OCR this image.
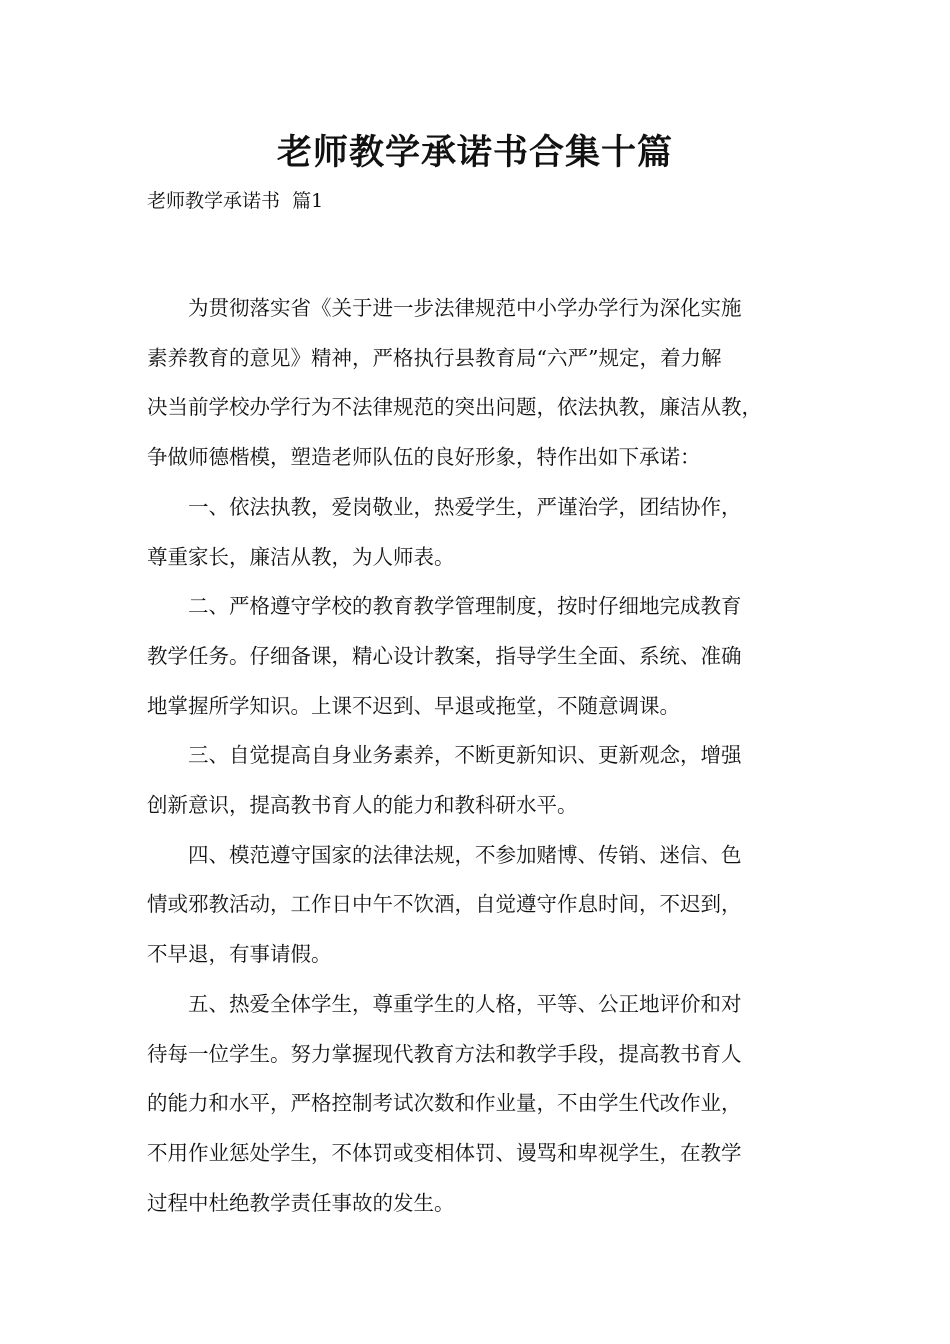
老师教学承诺书合集十篇

老师教学承诺书  篇1

为贯彻落实省《关于进一步法律规范中小学办学行为深化实施
素养教育的意见》精神，严格执行县教育局“六严”规定，着力解
决当前学校办学行为不法律规范的突出问题，依法执教，廉洁从教，
争做师德楷模，塑造老师队伍的良好形象，特作出如下承诺：

一、依法执教，爱岗敬业，热爱学生，严谨治学，团结协作，
尊重家长，廉洁从教，为人师表。

二、严格遵守学校的教育教学管理制度，按时仔细地完成教育
教学任务。仔细备课，精心设计教案，指导学生全面、系统、准确
地掌握所学知识。上课不迟到、早退或拖堂，不随意调课。

三、自觉提高自身业务素养，不断更新知识、更新观念，增强
创新意识，提高教书育人的能力和教科研水平。

四、模范遵守国家的法律法规，不参加赌博、传销、迷信、色
情或邪教活动，工作日中午不饮酒，自觉遵守作息时间，不迟到，
不早退，有事请假。

五、热爱全体学生，尊重学生的人格，平等、公正地评价和对
待每一位学生。努力掌握现代教育方法和教学手段，提高教书育人
的能力和水平，严格控制考试次数和作业量，不由学生代改作业，
不用作业惩处学生，不体罚或变相体罚、谩骂和卑视学生，在教学
过程中杜绝教学责任事故的发生。
